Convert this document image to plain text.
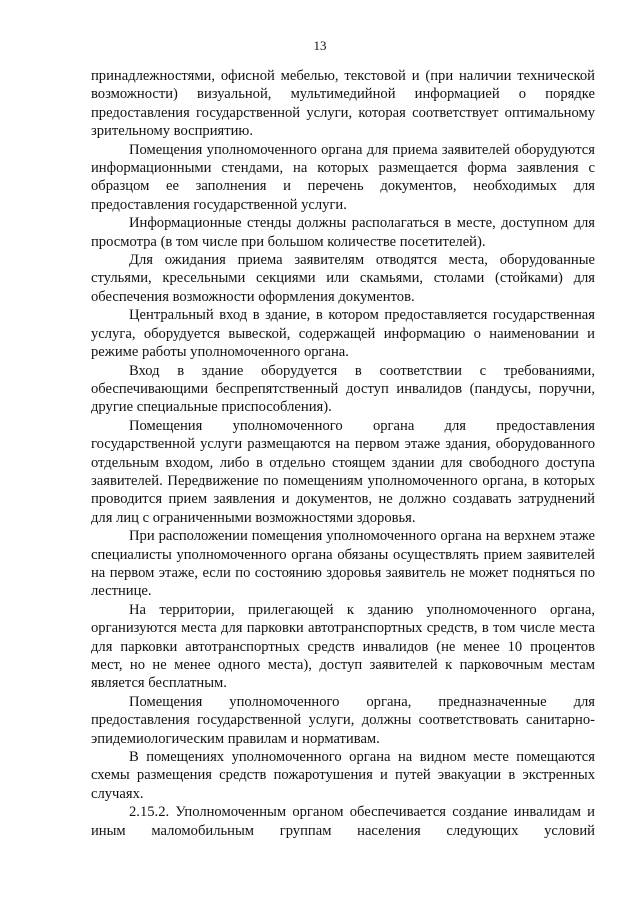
13

принадлежностями, офисной мебелью, текстовой и (при наличии технической возможности) визуальной, мультимедийной информацией о порядке предоставления государственной услуги, которая соответствует оптимальному зрительному восприятию.

Помещения уполномоченного органа для приема заявителей оборудуются информационными стендами, на которых размещается форма заявления с образцом ее заполнения и перечень документов, необходимых для предоставления государственной услуги.

Информационные стенды должны располагаться в месте, доступном для просмотра (в том числе при большом количестве посетителей).

Для ожидания приема заявителям отводятся места, оборудованные стульями, кресельными секциями или скамьями, столами (стойками) для обеспечения возможности оформления документов.

Центральный вход в здание, в котором предоставляется государственная услуга, оборудуется вывеской, содержащей информацию о наименовании и режиме работы уполномоченного органа.

Вход в здание оборудуется в соответствии с требованиями, обеспечивающими беспрепятственный доступ инвалидов (пандусы, поручни, другие специальные приспособления).

Помещения уполномоченного органа для предоставления государственной услуги размещаются на первом этаже здания, оборудованного отдельным входом, либо в отдельно стоящем здании для свободного доступа заявителей. Передвижение по помещениям уполномоченного органа, в которых проводится прием заявления и документов, не должно создавать затруднений для лиц с ограниченными возможностями здоровья.

При расположении помещения уполномоченного органа на верхнем этаже специалисты уполномоченного органа обязаны осуществлять прием заявителей на первом этаже, если по состоянию здоровья заявитель не может подняться по лестнице.

На территории, прилегающей к зданию уполномоченного органа, организуются места для парковки автотранспортных средств, в том числе места для парковки автотранспортных средств инвалидов (не менее 10 процентов мест, но не менее одного места), доступ заявителей к парковочным местам является бесплатным.

Помещения уполномоченного органа, предназначенные для предоставления государственной услуги, должны соответствовать санитарно-эпидемиологическим правилам и нормативам.

В помещениях уполномоченного органа на видном месте помещаются схемы размещения средств пожаротушения и путей эвакуации в экстренных случаях.

2.15.2. Уполномоченным органом обеспечивается создание инвалидам и иным маломобильным группам населения следующих условий
